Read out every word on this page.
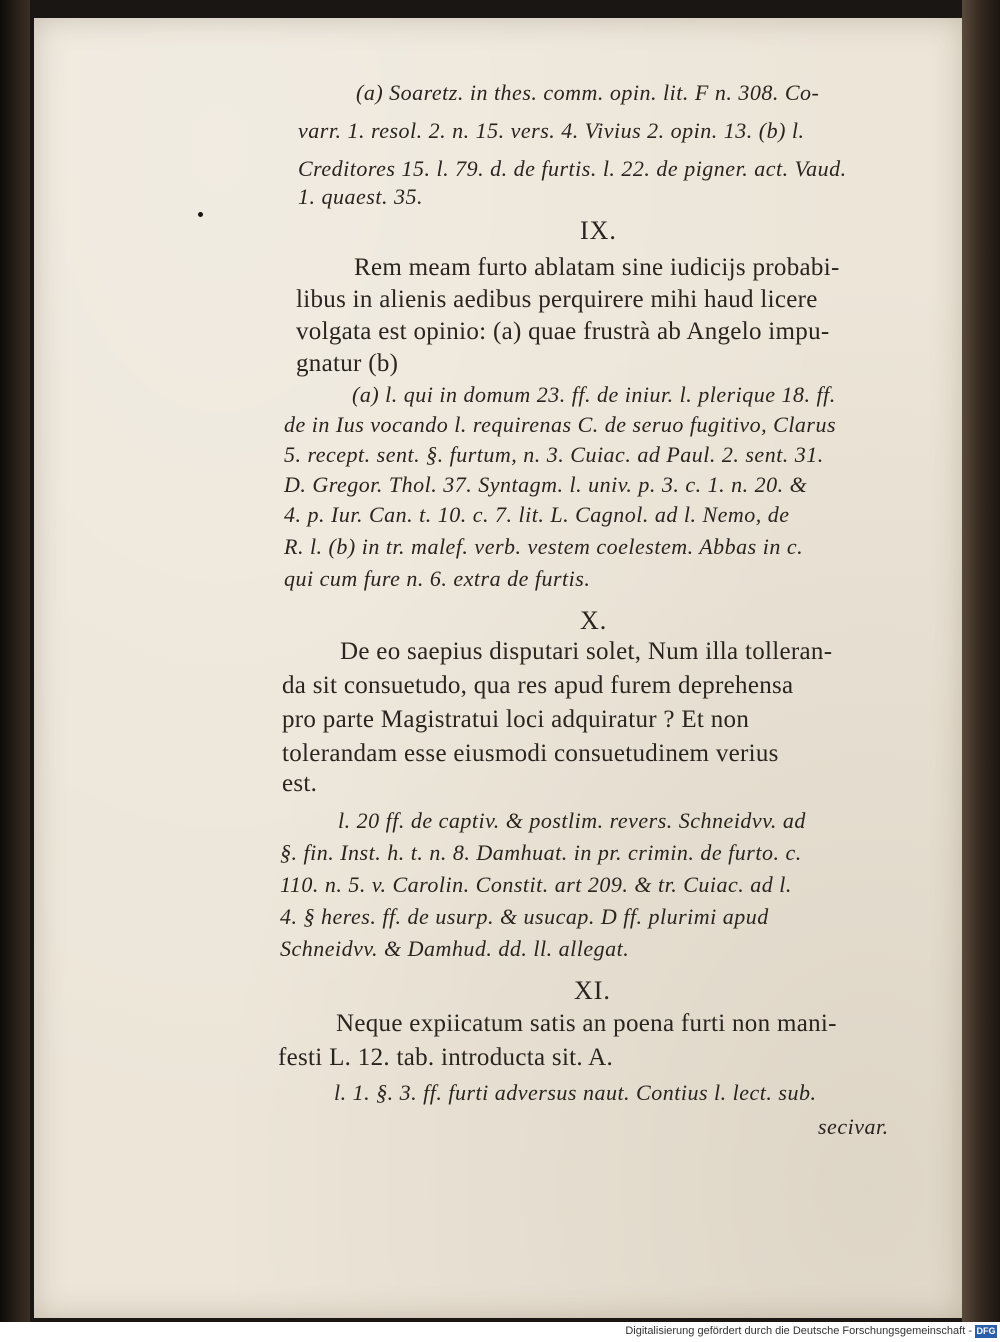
(a) Soaretz. in thes. comm. opin. lit. F n. 308. Co-
varr. 1. resol. 2. n. 15. vers. 4. Vivius 2. opin. 13. (b) l.
Creditores 15. l. 79. d. de furtis. l. 22. de pigner. act. Vaud.
1. quaest. 35.
IX.
Rem meam furto ablatam sine iudicijs probabi-
libus in alienis aedibus perquirere mihi haud licere
volgata est opinio: (a) quae frustrà ab Angelo impu-
gnatur (b)
(a) l. qui in domum 23. ff. de iniur. l. plerique 18. ff.
de in Ius vocando l. requirenas C. de seruo fugitivo, Clarus
5. recept. sent. §. furtum, n. 3. Cuiac. ad Paul. 2. sent. 31.
D. Gregor. Thol. 37. Syntagm. l. univ. p. 3. c. 1. n. 20. &
4. p. Iur. Can. t. 10. c. 7. lit. L. Cagnol. ad l. Nemo, de
R. l. (b) in tr. malef. verb. vestem coelestem. Abbas in c.
qui cum fure n. 6. extra de furtis.
X.
De eo saepius disputari solet, Num illa tolleran-
da sit consuetudo, qua res apud furem deprehensa
pro parte Magistratui loci adquiratur ? Et non
tolerandam esse eiusmodi consuetudinem verius
est.
l. 20 ff. de captiv. & postlim. revers. Schneidvv. ad
§. fin. Inst. h. t. n. 8. Damhuat. in pr. crimin. de furto. c.
110. n. 5. v. Carolin. Constit. art 209. & tr. Cuiac. ad l.
4. § heres. ff. de usurp. & usucap. D ff. plurimi apud
Schneidvv. & Damhud. dd. ll. allegat.
XI.
Neque expiicatum satis an poena furti non mani-
festi L. 12. tab. introducta sit. A.
l. 1. §. 3. ff. furti adversus naut. Contius l. lect. sub.
secivar.
Digitalisierung gefördert durch die Deutsche Forschungsgemeinschaft - DFG
